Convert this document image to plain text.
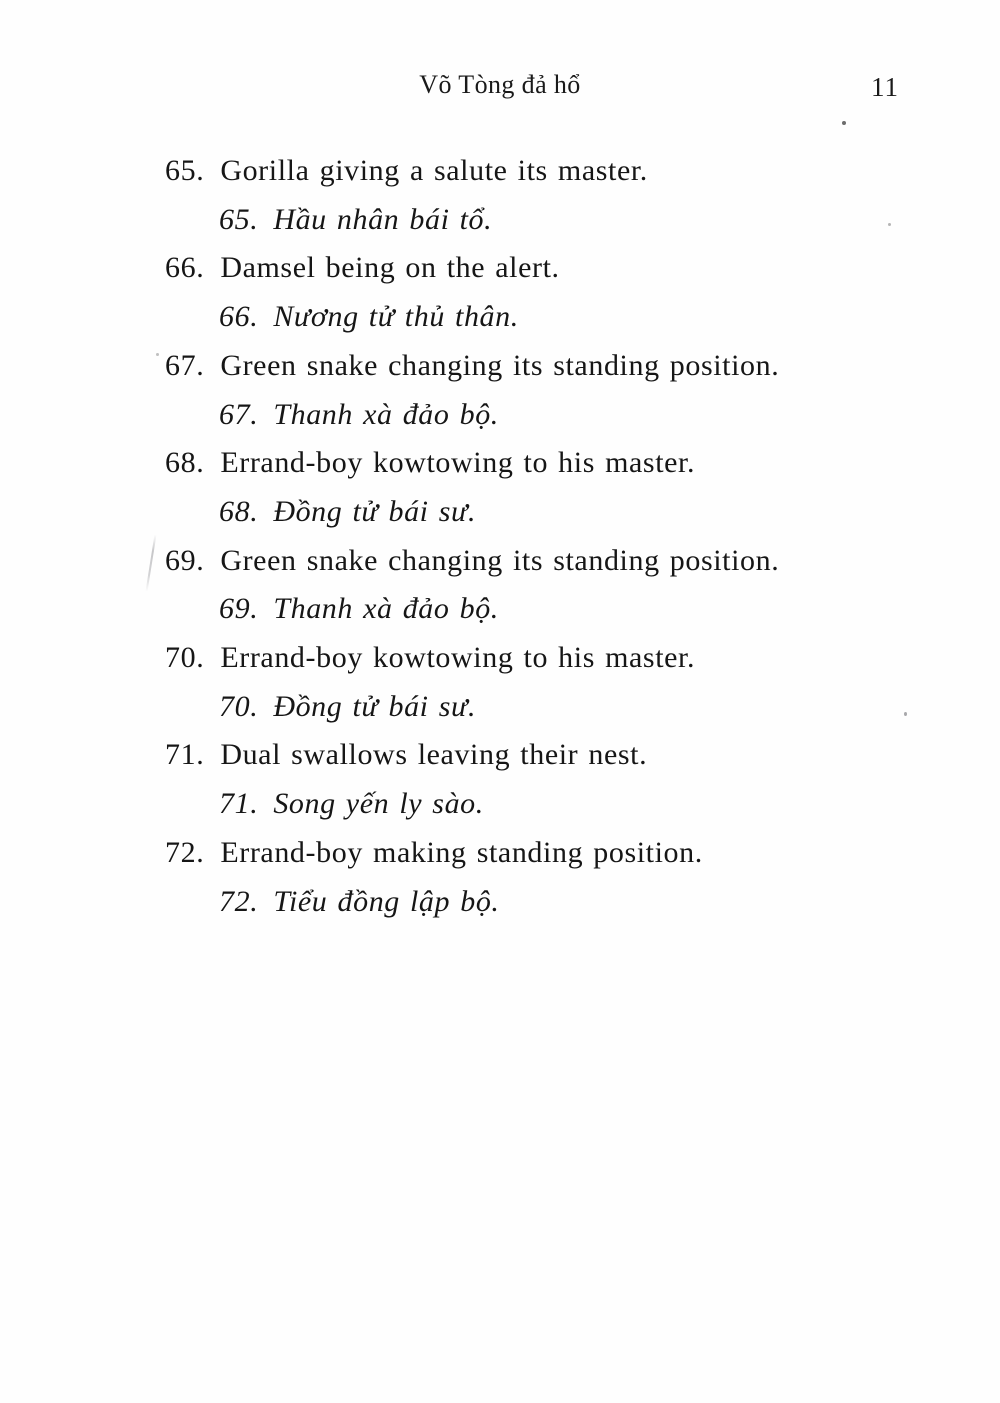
Võ Tòng đả hổ	11
65. Gorilla giving a salute its master.
65. Hầu nhân bái tổ.
66. Damsel being on the alert.
66. Nương tử thủ thân.
67. Green snake changing its standing position.
67. Thanh xà đảo bộ.
68. Errand-boy kowtowing to his master.
68. Đồng tử bái sư.
69. Green snake changing its standing position.
69. Thanh xà đảo bộ.
70. Errand-boy kowtowing to his master.
70. Đồng tử bái sư.
71. Dual swallows leaving their nest.
71. Song yến ly sào.
72. Errand-boy making standing position.
72. Tiểu đồng lập bộ.
